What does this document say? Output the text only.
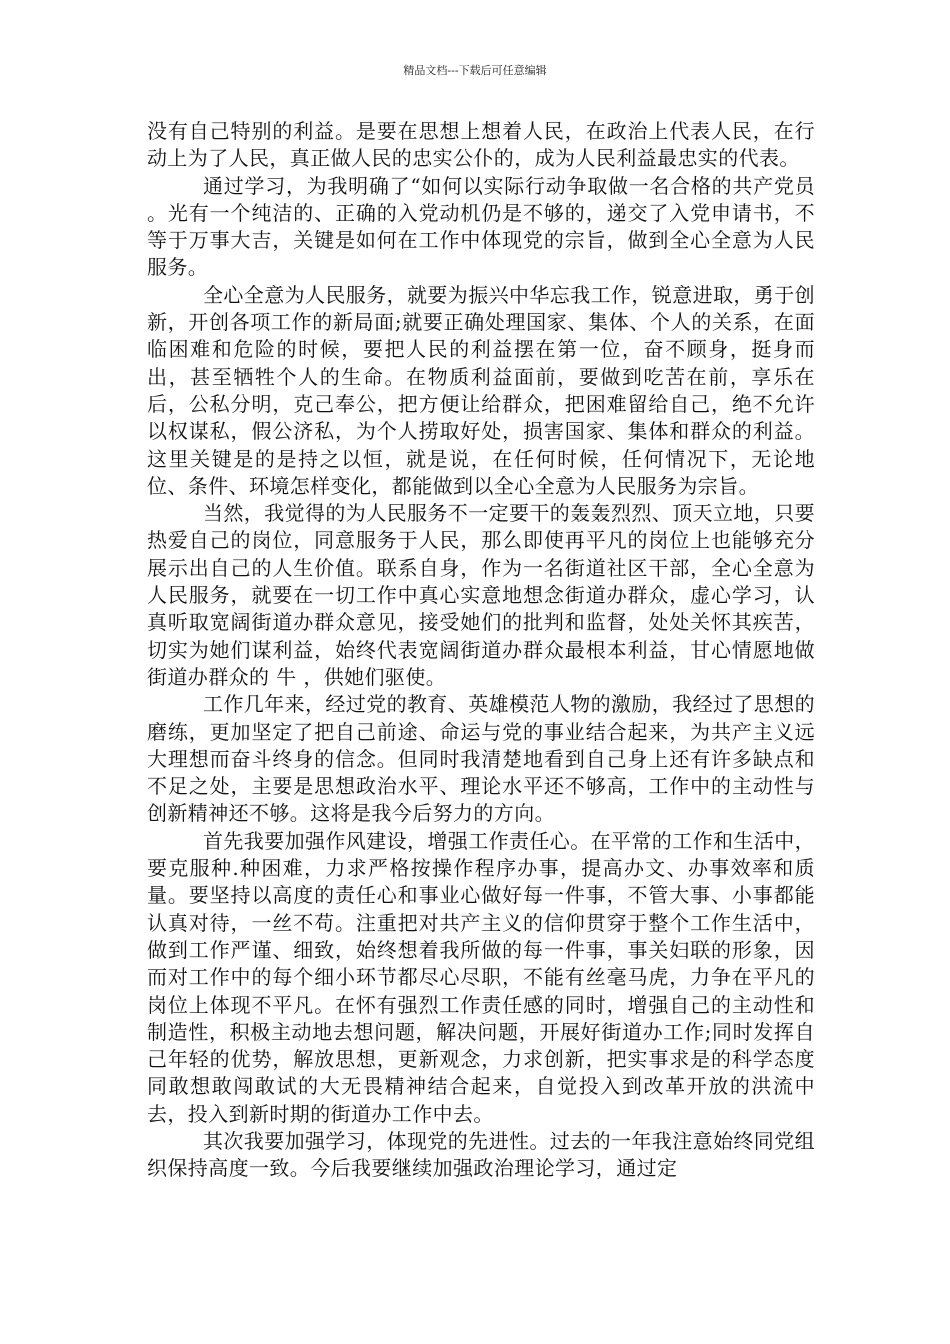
精品文档---下载后可任意编辑

没有自己特别的利益。是要在思想上想着人民，在政治上代表人民，在行动上为了人民，真正做人民的忠实公仆的，成为人民利益最忠实的代表。

通过学习，为我明确了“如何以实际行动争取做一名合格的共产党员 。光有一个纯洁的、正确的入党动机仍是不够的，递交了入党申请书，不等于万事大吉，关键是如何在工作中体现党的宗旨，做到全心全意为人民服务。

全心全意为人民服务，就要为振兴中华忘我工作，锐意进取，勇于创新，开创各项工作的新局面;就要正确处理国家、集体、个人的关系，在面临困难和危险的时候，要把人民的利益摆在第一位，奋不顾身，挺身而出，甚至牺牲个人的生命。在物质利益面前，要做到吃苦在前，享乐在后，公私分明，克己奉公，把方便让给群众，把困难留给自己，绝不允许以权谋私，假公济私，为个人捞取好处，损害国家、集体和群众的利益。这里关键是的是持之以恒，就是说，在任何时候，任何情况下，无论地位、条件、环境怎样变化，都能做到以全心全意为人民服务为宗旨。

当然，我觉得的为人民服务不一定要干的轰轰烈烈、顶天立地，只要热爱自己的岗位，同意服务于人民，那么即使再平凡的岗位上也能够充分展示出自己的人生价值。联系自身，作为一名街道社区干部，全心全意为人民服务，就要在一切工作中真心实意地想念街道办群众，虚心学习，认真听取宽阔街道办群众意见，接受她们的批判和监督，处处关怀其疾苦，切实为她们谋利益，始终代表宽阔街道办群众最根本利益，甘心情愿地做街道办群众的 牛 ，供她们驱使。

工作几年来，经过党的教育、英雄模范人物的激励，我经过了思想的磨练，更加坚定了把自己前途、命运与党的事业结合起来，为共产主义远大理想而奋斗终身的信念。但同时我清楚地看到自己身上还有许多缺点和不足之处，主要是思想政治水平、理论水平还不够高，工作中的主动性与创新精神还不够。这将是我今后努力的方向。

首先我要加强作风建设，增强工作责任心。在平常的工作和生活中，要克服种.种困难，力求严格按操作程序办事，提高办文、办事效率和质量。要坚持以高度的责任心和事业心做好每一件事，不管大事、小事都能认真对待，一丝不苟。注重把对共产主义的信仰贯穿于整个工作生活中，做到工作严谨、细致，始终想着我所做的每一件事，事关妇联的形象，因而对工作中的每个细小环节都尽心尽职，不能有丝毫马虎，力争在平凡的岗位上体现不平凡。在怀有强烈工作责任感的同时，增强自己的主动性和制造性，积极主动地去想问题，解决问题，开展好街道办工作;同时发挥自己年轻的优势，解放思想，更新观念，力求创新，把实事求是的科学态度同敢想敢闯敢试的大无畏精神结合起来，自觉投入到改革开放的洪流中去，投入到新时期的街道办工作中去。

其次我要加强学习，体现党的先进性。过去的一年我注意始终同党组织保持高度一致。今后我要继续加强政治理论学习，通过定
